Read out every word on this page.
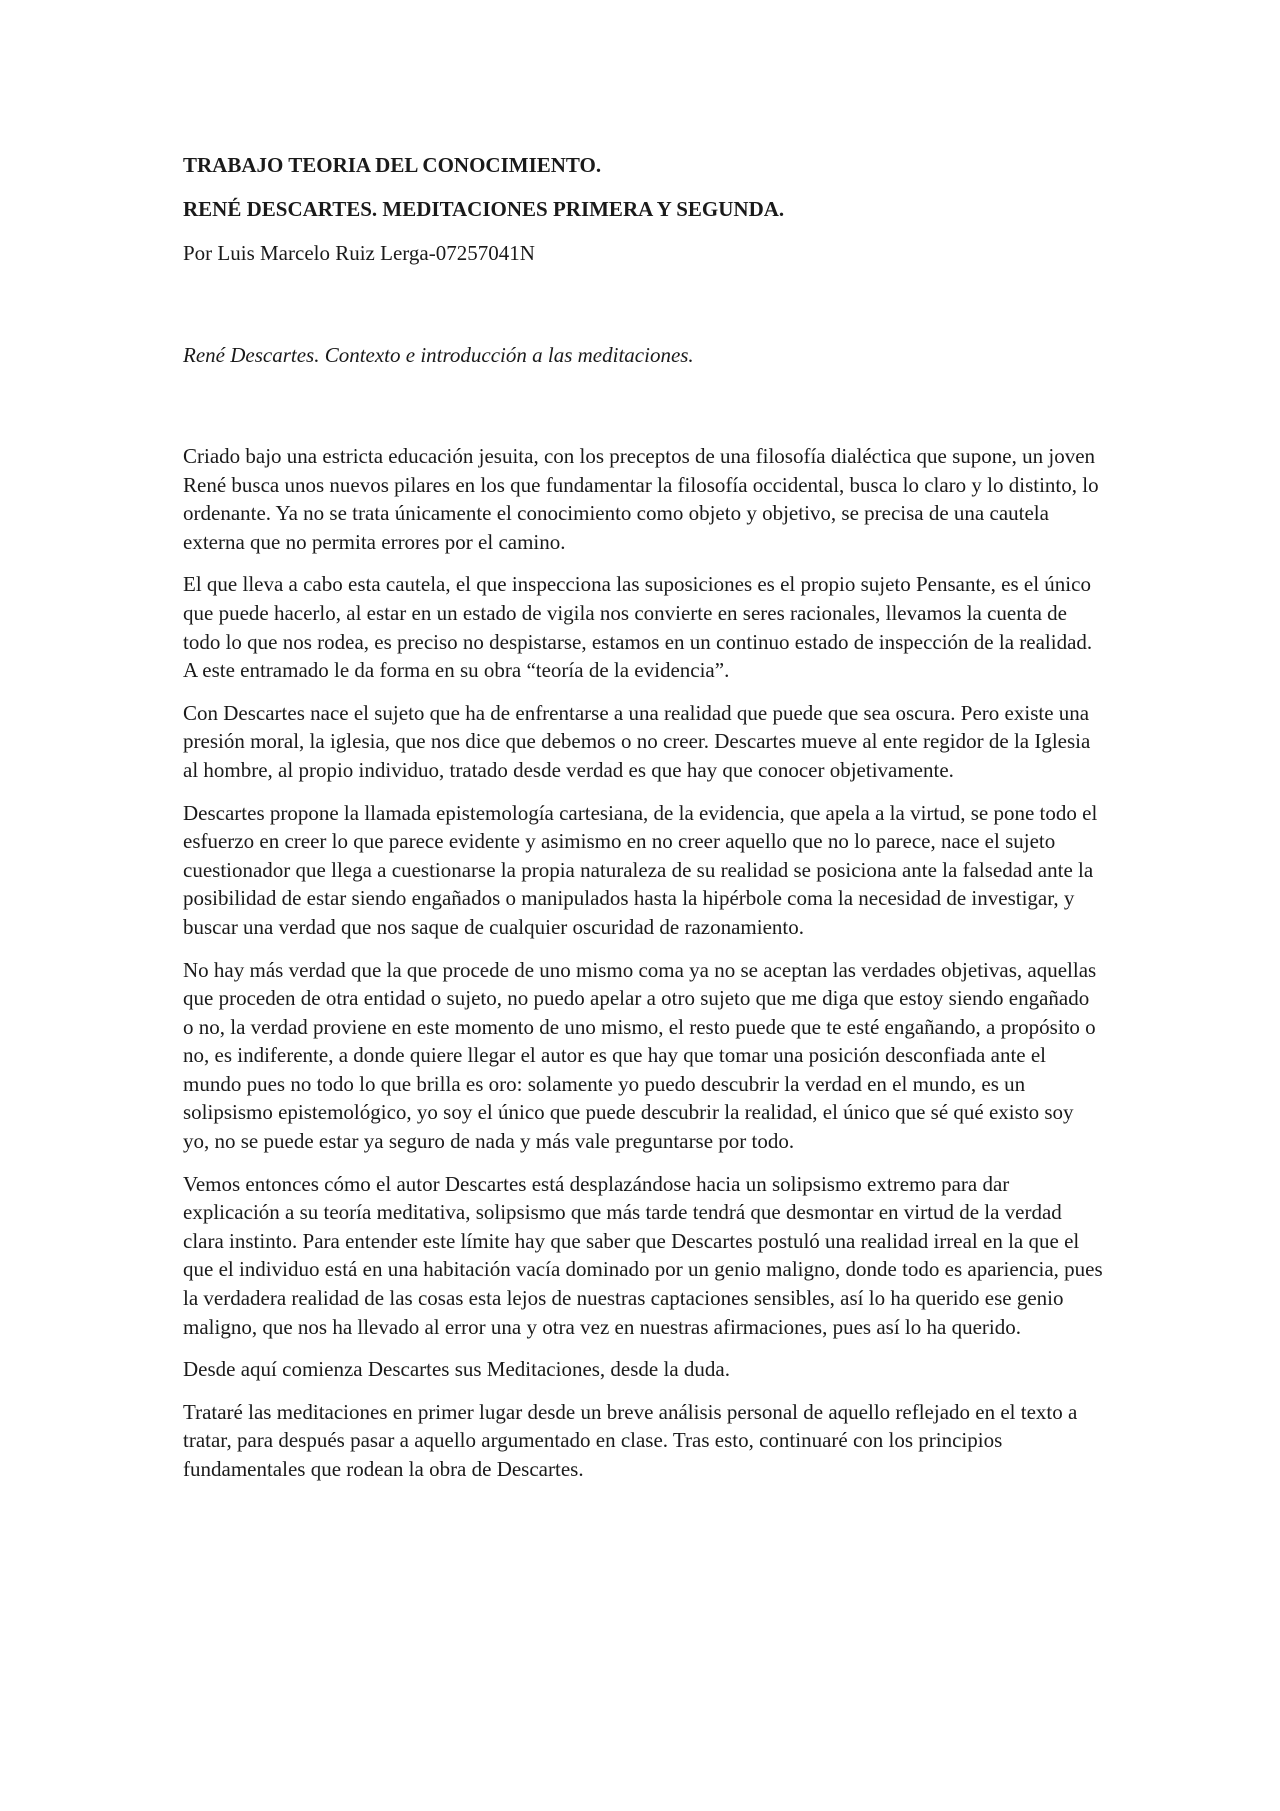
TRABAJO TEORIA DEL CONOCIMIENTO.

RENÉ DESCARTES. MEDITACIONES PRIMERA Y SEGUNDA.

Por Luis Marcelo Ruiz Lerga-07257041N

René Descartes. Contexto e introducción a las meditaciones.

Criado bajo una estricta educación jesuita, con los preceptos de una filosofía dialéctica que supone, un joven René busca unos nuevos pilares en los que fundamentar la filosofía occidental, busca lo claro y lo distinto, lo ordenante. Ya no se trata únicamente el conocimiento como objeto y objetivo, se precisa de una cautela externa que no permita errores por el camino.

El que lleva a cabo esta cautela, el que inspecciona las suposiciones es el propio sujeto Pensante, es el único que puede hacerlo, al estar en un estado de vigila nos convierte en seres racionales, llevamos la cuenta de todo lo que nos rodea, es preciso no despistarse, estamos en un continuo estado de inspección de la realidad. A este entramado le da forma en su obra “teoría de la evidencia”.

Con Descartes nace el sujeto que ha de enfrentarse a una realidad que puede que sea oscura. Pero existe una presión moral, la iglesia, que nos dice que debemos o no creer. Descartes mueve al ente regidor de la Iglesia al hombre, al propio individuo, tratado desde verdad es que hay que conocer objetivamente.

Descartes propone la llamada epistemología cartesiana, de la evidencia, que apela a la virtud, se pone todo el esfuerzo en creer lo que parece evidente y asimismo en no creer aquello que no lo parece, nace el sujeto cuestionador que llega a cuestionarse la propia naturaleza de su realidad se posiciona ante la falsedad ante la posibilidad de estar siendo engañados o manipulados hasta la hipérbole coma la necesidad de investigar, y buscar una verdad que nos saque de cualquier oscuridad de razonamiento.

No hay más verdad que la que procede de uno mismo coma ya no se aceptan las verdades objetivas, aquellas que proceden de otra entidad o sujeto, no puedo apelar a otro sujeto que me diga que estoy siendo engañado o no, la verdad proviene en este momento de uno mismo, el resto puede que te esté engañando, a propósito o no, es indiferente, a donde quiere llegar el autor es que hay que tomar una posición desconfiada ante el mundo pues no todo lo que brilla es oro: solamente yo puedo descubrir la verdad en el mundo, es un solipsismo epistemológico, yo soy el único que puede descubrir la realidad, el único que sé qué existo soy yo, no se puede estar ya seguro de nada y más vale preguntarse por todo.

Vemos entonces cómo el autor Descartes está desplazándose hacia un solipsismo extremo para dar explicación a su teoría meditativa, solipsismo que más tarde tendrá que desmontar en virtud de la verdad clara instinto. Para entender este límite hay que saber que Descartes postuló una realidad irreal en la que el que el individuo está en una habitación vacía dominado por un genio maligno, donde todo es apariencia, pues la verdadera realidad de las cosas esta lejos de nuestras captaciones sensibles, así lo ha querido ese genio maligno, que nos ha llevado al error una y otra vez en nuestras afirmaciones, pues así lo ha querido.

Desde aquí comienza Descartes sus Meditaciones, desde la duda.

Trataré las meditaciones en primer lugar desde un breve análisis personal de aquello reflejado en el texto a tratar, para después pasar a aquello argumentado en clase. Tras esto, continuaré con los principios fundamentales que rodean la obra de Descartes.
